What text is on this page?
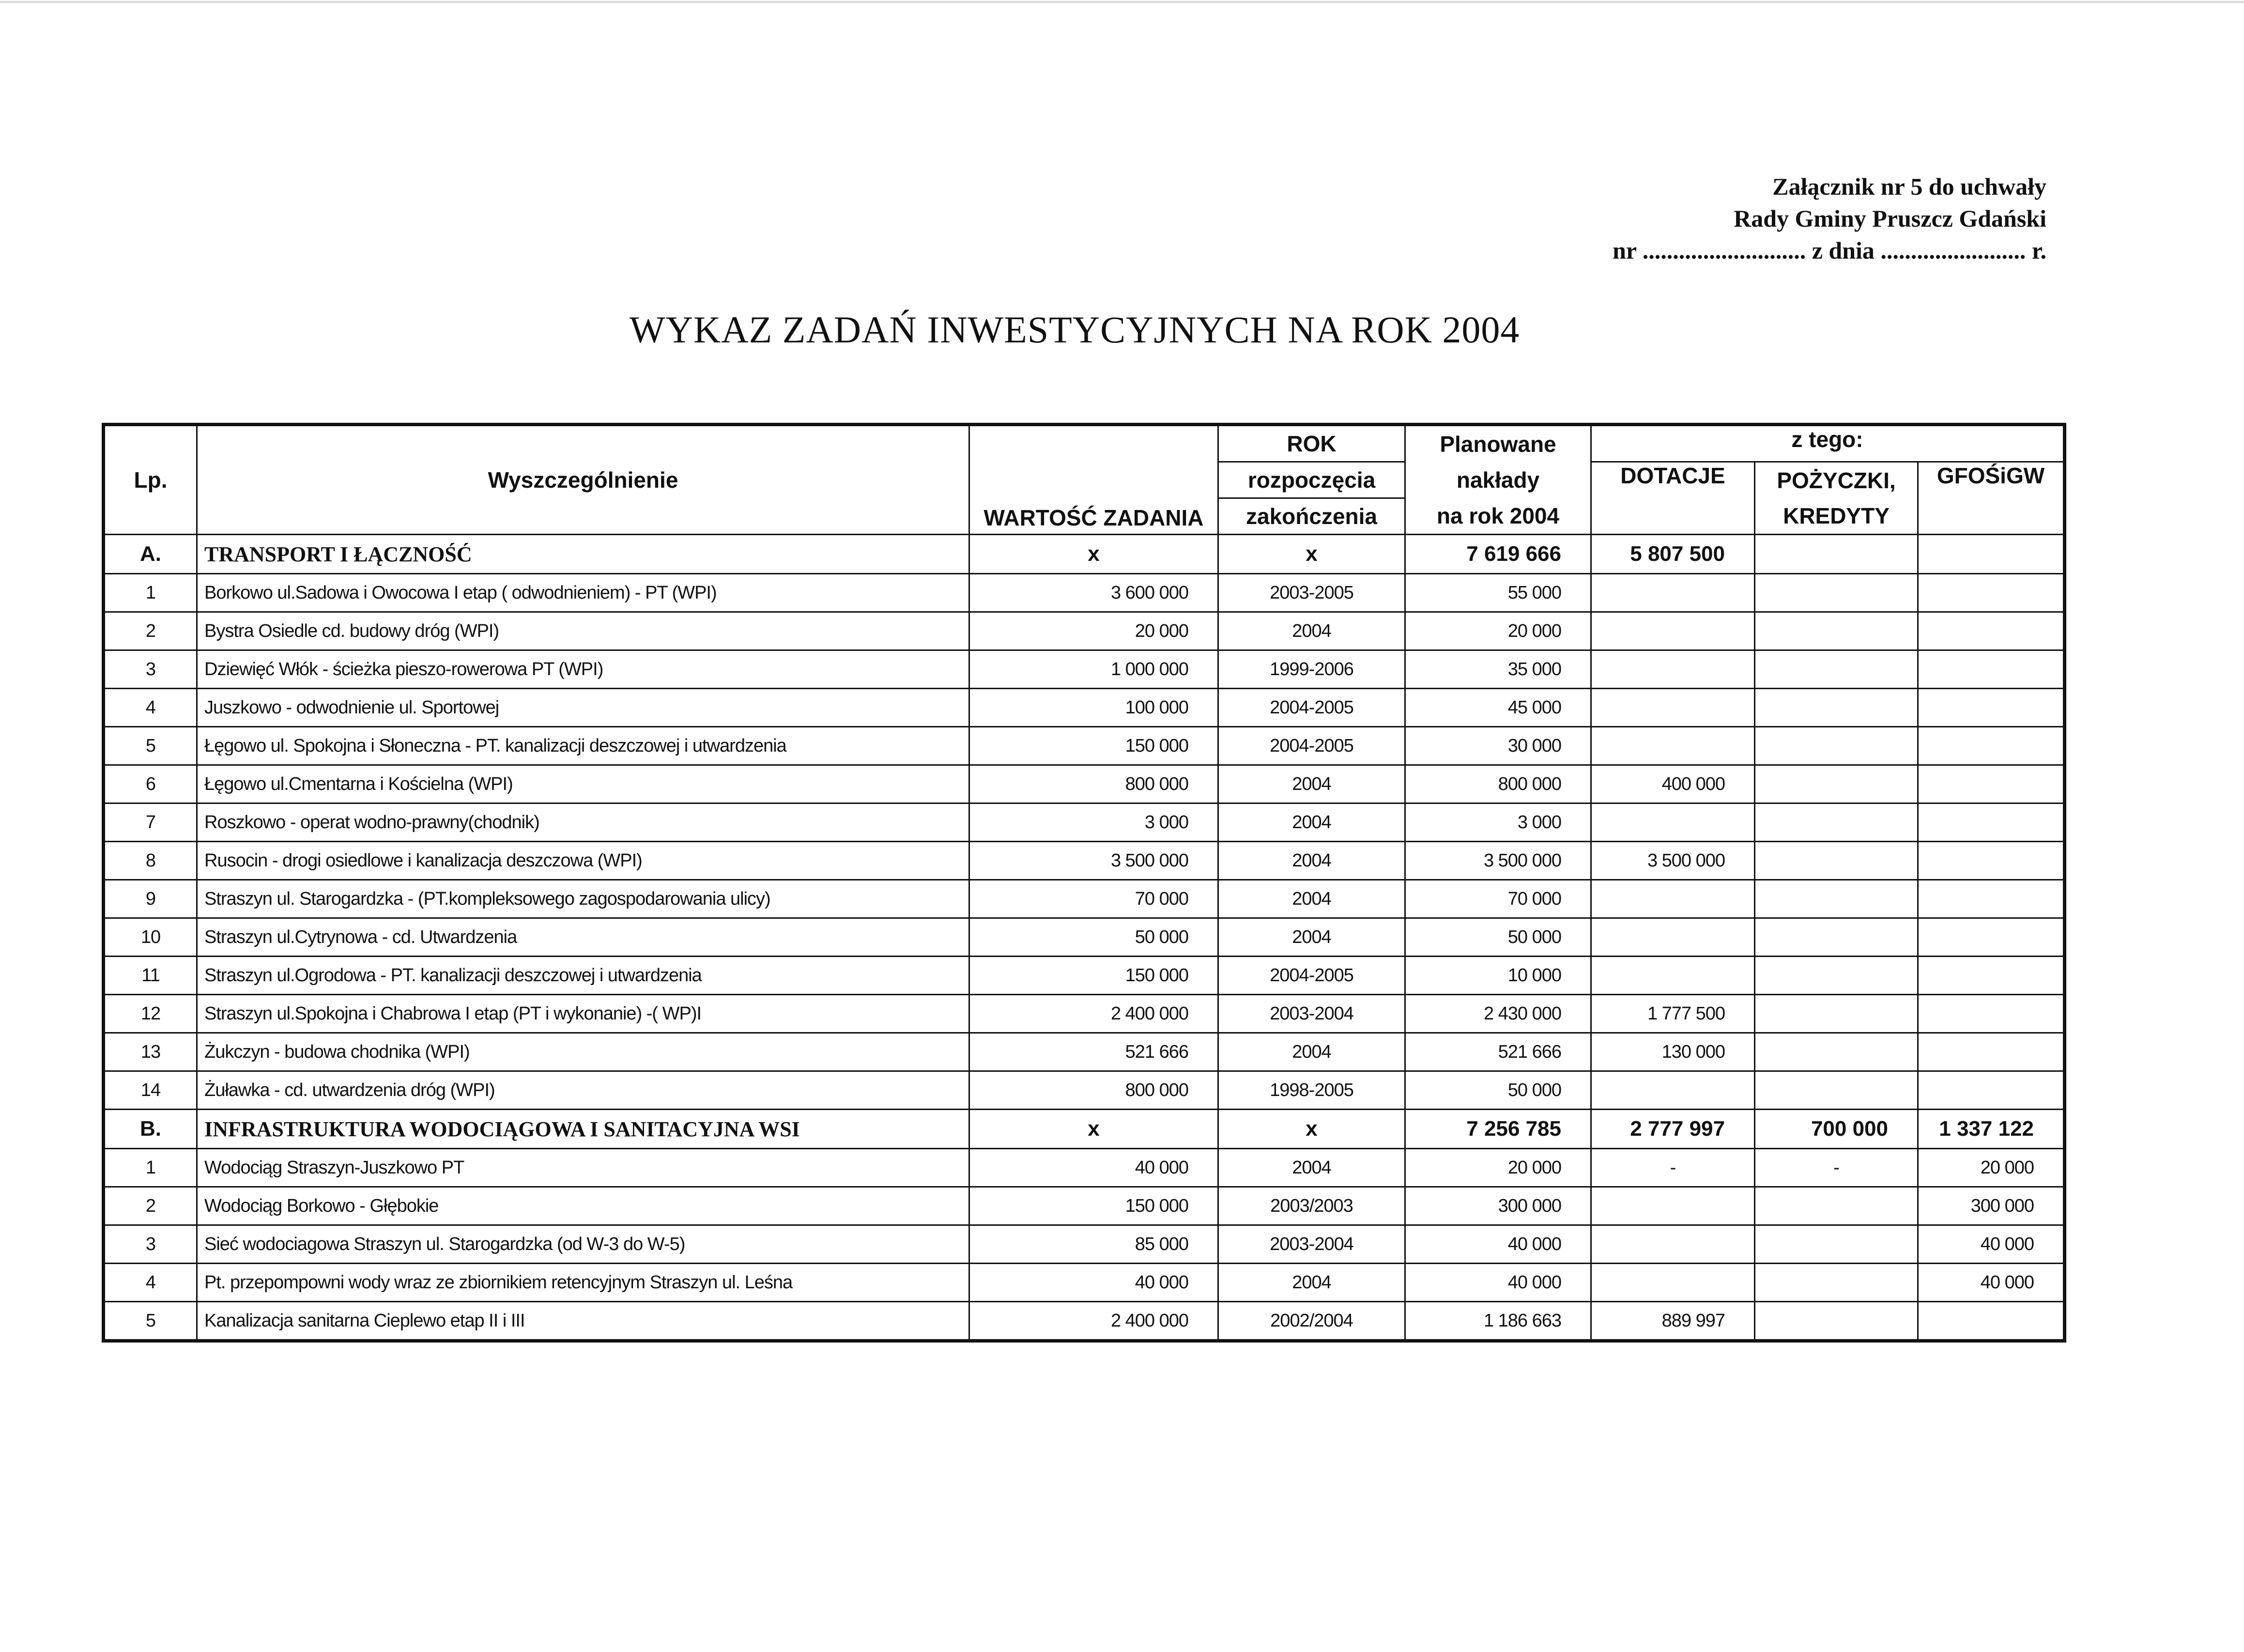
Załącznik nr 5 do uchwały
Rady Gminy Pruszcz Gdański
nr ........................... z dnia ........................ r.
WYKAZ ZADAŃ INWESTYCYJNYCH NA ROK 2004
Lp.	Wyszczególnienie	WARTOŚĆ ZADANIA	ROK	Planowane	z tego:		
			rozpoczęcia	nakłady	DOTACJE	POŻYCZKI,	GFOŚiGW
			zakończenia	na rok 2004		KREDYTY	
A.	TRANSPORT I ŁĄCZNOŚĆ	x	x	7 619 666	5 807 500		
1	Borkowo ul.Sadowa i Owocowa I etap ( odwodnieniem) - PT (WPI)	3 600 000	2003-2005	55 000			
2	Bystra Osiedle cd. budowy dróg (WPI)	20 000	2004	20 000			
3	Dziewięć Włók - ścieżka pieszo-rowerowa PT (WPI)	1 000 000	1999-2006	35 000			
4	Juszkowo - odwodnienie ul. Sportowej	100 000	2004-2005	45 000			
5	Łęgowo ul. Spokojna i Słoneczna - PT. kanalizacji deszczowej i utwardzenia	150 000	2004-2005	30 000			
6	Łęgowo ul.Cmentarna i Kościelna (WPI)	800 000	2004	800 000	400 000		
7	Roszkowo - operat wodno-prawny(chodnik)	3 000	2004	3 000			
8	Rusocin - drogi osiedlowe i kanalizacja deszczowa (WPI)	3 500 000	2004	3 500 000	3 500 000		
9	Straszyn ul. Starogardzka - (PT.kompleksowego zagospodarowania ulicy)	70 000	2004	70 000			
10	Straszyn ul.Cytrynowa - cd. Utwardzenia	50 000	2004	50 000			
11	Straszyn ul.Ogrodowa - PT. kanalizacji deszczowej i utwardzenia	150 000	2004-2005	10 000			
12	Straszyn ul.Spokojna i Chabrowa I etap (PT i wykonanie) -( WP)I	2 400 000	2003-2004	2 430 000	1 777 500		
13	Żukczyn - budowa chodnika (WPI)	521 666	2004	521 666	130 000		
14	Żuławka - cd. utwardzenia dróg (WPI)	800 000	1998-2005	50 000			
B.	INFRASTRUKTURA WODOCIĄGOWA I SANITACYJNA WSI	x	x	7 256 785	2 777 997	700 000	1 337 122
1	Wodociąg Straszyn-Juszkowo PT	40 000	2004	20 000	-	-	20 000
2	Wodociąg Borkowo - Głębokie	150 000	2003/2003	300 000			300 000
3	Sieć wodociagowa Straszyn ul. Starogardzka (od W-3 do W-5)	85 000	2003-2004	40 000			40 000
4	Pt. przepompowni wody wraz ze zbiornikiem retencyjnym Straszyn ul. Leśna	40 000	2004	40 000			40 000
5	Kanalizacja sanitarna Cieplewo etap II i III	2 400 000	2002/2004	1 186 663	889 997		
